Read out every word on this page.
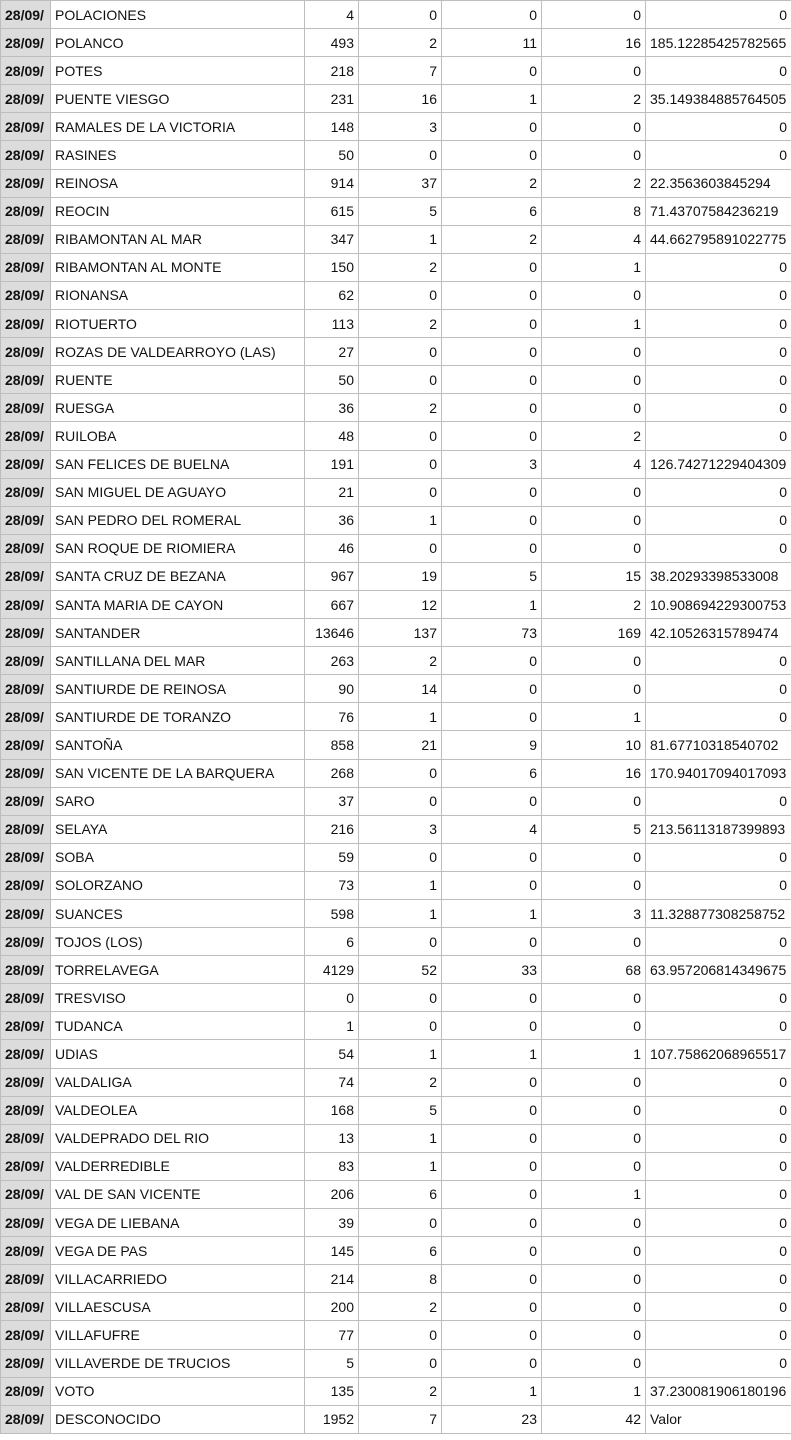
28/09/	POLACIONES	4	0	0	0	0
28/09/	POLANCO	493	2	11	16	185.12285425782565
28/09/	POTES	218	7	0	0	0
28/09/	PUENTE VIESGO	231	16	1	2	35.149384885764505
28/09/	RAMALES DE LA VICTORIA	148	3	0	0	0
28/09/	RASINES	50	0	0	0	0
28/09/	REINOSA	914	37	2	2	22.3563603845294
28/09/	REOCIN	615	5	6	8	71.43707584236219
28/09/	RIBAMONTAN AL MAR	347	1	2	4	44.662795891022775
28/09/	RIBAMONTAN AL MONTE	150	2	0	1	0
28/09/	RIONANSA	62	0	0	0	0
28/09/	RIOTUERTO	113	2	0	1	0
28/09/	ROZAS DE VALDEARROYO (LAS)	27	0	0	0	0
28/09/	RUENTE	50	0	0	0	0
28/09/	RUESGA	36	2	0	0	0
28/09/	RUILOBA	48	0	0	2	0
28/09/	SAN FELICES DE BUELNA	191	0	3	4	126.74271229404309
28/09/	SAN MIGUEL DE AGUAYO	21	0	0	0	0
28/09/	SAN PEDRO DEL ROMERAL	36	1	0	0	0
28/09/	SAN ROQUE DE RIOMIERA	46	0	0	0	0
28/09/	SANTA CRUZ DE BEZANA	967	19	5	15	38.20293398533008
28/09/	SANTA MARIA DE CAYON	667	12	1	2	10.908694229300753
28/09/	SANTANDER	13646	137	73	169	42.10526315789474
28/09/	SANTILLANA DEL MAR	263	2	0	0	0
28/09/	SANTIURDE DE REINOSA	90	14	0	0	0
28/09/	SANTIURDE DE TORANZO	76	1	0	1	0
28/09/	SANTOÑA	858	21	9	10	81.67710318540702
28/09/	SAN VICENTE DE LA BARQUERA	268	0	6	16	170.94017094017093
28/09/	SARO	37	0	0	0	0
28/09/	SELAYA	216	3	4	5	213.56113187399893
28/09/	SOBA	59	0	0	0	0
28/09/	SOLORZANO	73	1	0	0	0
28/09/	SUANCES	598	1	1	3	11.328877308258752
28/09/	TOJOS (LOS)	6	0	0	0	0
28/09/	TORRELAVEGA	4129	52	33	68	63.957206814349675
28/09/	TRESVISO	0	0	0	0	0
28/09/	TUDANCA	1	0	0	0	0
28/09/	UDIAS	54	1	1	1	107.75862068965517
28/09/	VALDALIGA	74	2	0	0	0
28/09/	VALDEOLEA	168	5	0	0	0
28/09/	VALDEPRADO DEL RIO	13	1	0	0	0
28/09/	VALDERREDIBLE	83	1	0	0	0
28/09/	VAL DE SAN VICENTE	206	6	0	1	0
28/09/	VEGA DE LIEBANA	39	0	0	0	0
28/09/	VEGA DE PAS	145	6	0	0	0
28/09/	VILLACARRIEDO	214	8	0	0	0
28/09/	VILLAESCUSA	200	2	0	0	0
28/09/	VILLAFUFRE	77	0	0	0	0
28/09/	VILLAVERDE DE TRUCIOS	5	0	0	0	0
28/09/	VOTO	135	2	1	1	37.230081906180196
28/09/	DESCONOCIDO	1952	7	23	42	Valor
